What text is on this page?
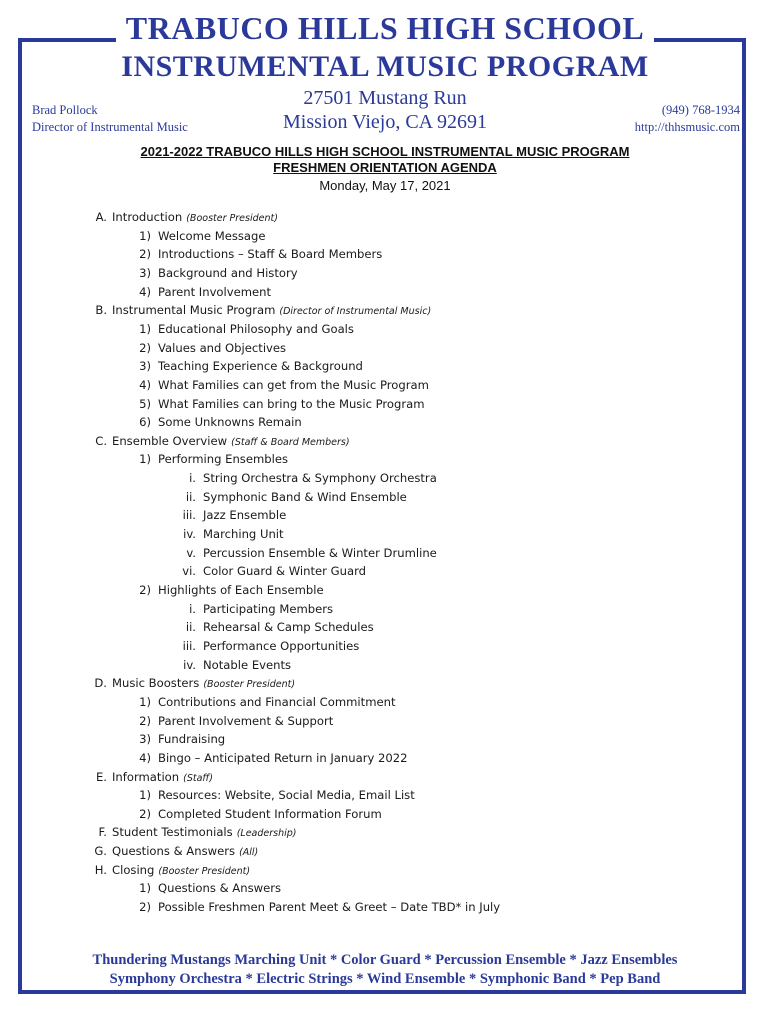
TRABUCO HILLS HIGH SCHOOL
INSTRUMENTAL MUSIC PROGRAM
Brad Pollock
Director of Instrumental Music
27501 Mustang Run
Mission Viejo, CA 92691
(949) 768-1934
http://thhsmusic.com
2021-2022 TRABUCO HILLS HIGH SCHOOL INSTRUMENTAL MUSIC PROGRAM
FRESHMEN ORIENTATION AGENDA
Monday, May 17, 2021
A. Introduction (Booster President)
1) Welcome Message
2) Introductions – Staff & Board Members
3) Background and History
4) Parent Involvement
B. Instrumental Music Program (Director of Instrumental Music)
1) Educational Philosophy and Goals
2) Values and Objectives
3) Teaching Experience & Background
4) What Families can get from the Music Program
5) What Families can bring to the Music Program
6) Some Unknowns Remain
C. Ensemble Overview (Staff & Board Members)
1) Performing Ensembles
i. String Orchestra & Symphony Orchestra
ii. Symphonic Band & Wind Ensemble
iii. Jazz Ensemble
iv. Marching Unit
v. Percussion Ensemble & Winter Drumline
vi. Color Guard & Winter Guard
2) Highlights of Each Ensemble
i. Participating Members
ii. Rehearsal & Camp Schedules
iii. Performance Opportunities
iv. Notable Events
D. Music Boosters (Booster President)
1) Contributions and Financial Commitment
2) Parent Involvement & Support
3) Fundraising
4) Bingo – Anticipated Return in January 2022
E. Information (Staff)
1) Resources: Website, Social Media, Email List
2) Completed Student Information Forum
F. Student Testimonials (Leadership)
G. Questions & Answers (All)
H. Closing (Booster President)
1) Questions & Answers
2) Possible Freshmen Parent Meet & Greet – Date TBD* in July
Thundering Mustangs Marching Unit * Color Guard * Percussion Ensemble * Jazz Ensembles
Symphony Orchestra * Electric Strings * Wind Ensemble * Symphonic Band * Pep Band
